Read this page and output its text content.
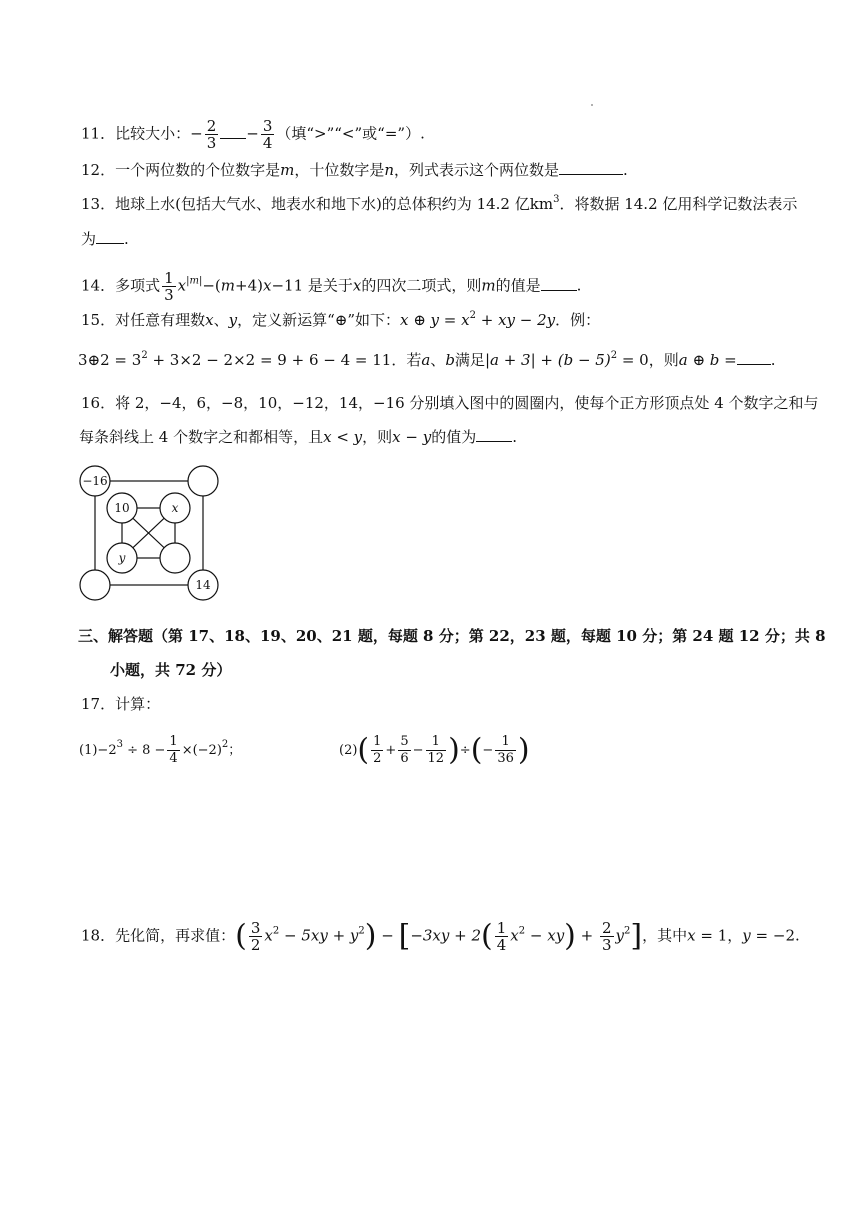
11．比较大小：− $\frac{2}{3} - \frac{3}{4}$ （填“>”“<”或“=”）.
12．一个两位数的个位数字是m，十位数字是n，列式表示这个两位数是	.
13．地球上水(包括大气水、地表水和地下水)的总体积约为 14.2 亿$km^3$．将数据 14.2 亿用科学记数法表示
为 .
14．多项式 $\frac{1}{3} x^{|m|}-(m+4)x-11$ 是关于x的四次二项式，则m的值是 .
15．对任意有理数x、y，定义新运算“⊕”如下：x ⊕ $y = x^2$ + xy − 2y．例：
3⊕2 = $3^2 + 3\times 2 - 2\times 2 = 9 + 6 - 4 = 11$．若a、b满足$|a + 3| + (b - 5)^2 = 0$，则a ⊕ b = .
16．将 2，−4，6，−8，10，−12，14，−16 分别填入图中的圆圈内，使每个正方形顶点处 4 个数字之和与
每条斜线上 4 个数字之和都相等，且x < y，则x − y的值为 .
−16
14
10	x
y
三、解答题（第 17、18、19、20、21 题，每题 8 分；第 22，23 题，每题 10 分；第 24 题 12 分；共 8
小题，共 72 分）
17．计算：
$(1)-2^3 \div 8 - \frac{1}{4} \times(-2)^2$；	$(2)( \frac{1}{2} + \frac{5}{6} - \frac{1}{12}$ )÷(− $\frac{1}{36}$ )
18．先化简，再求值：( $\frac{3}{2} x^2 - 5xy + y^2) - [-3xy + 2( \frac{1}{4} x^2 - xy) + \frac{2}{3} y^2]$，其中x = 1，y = −2.
